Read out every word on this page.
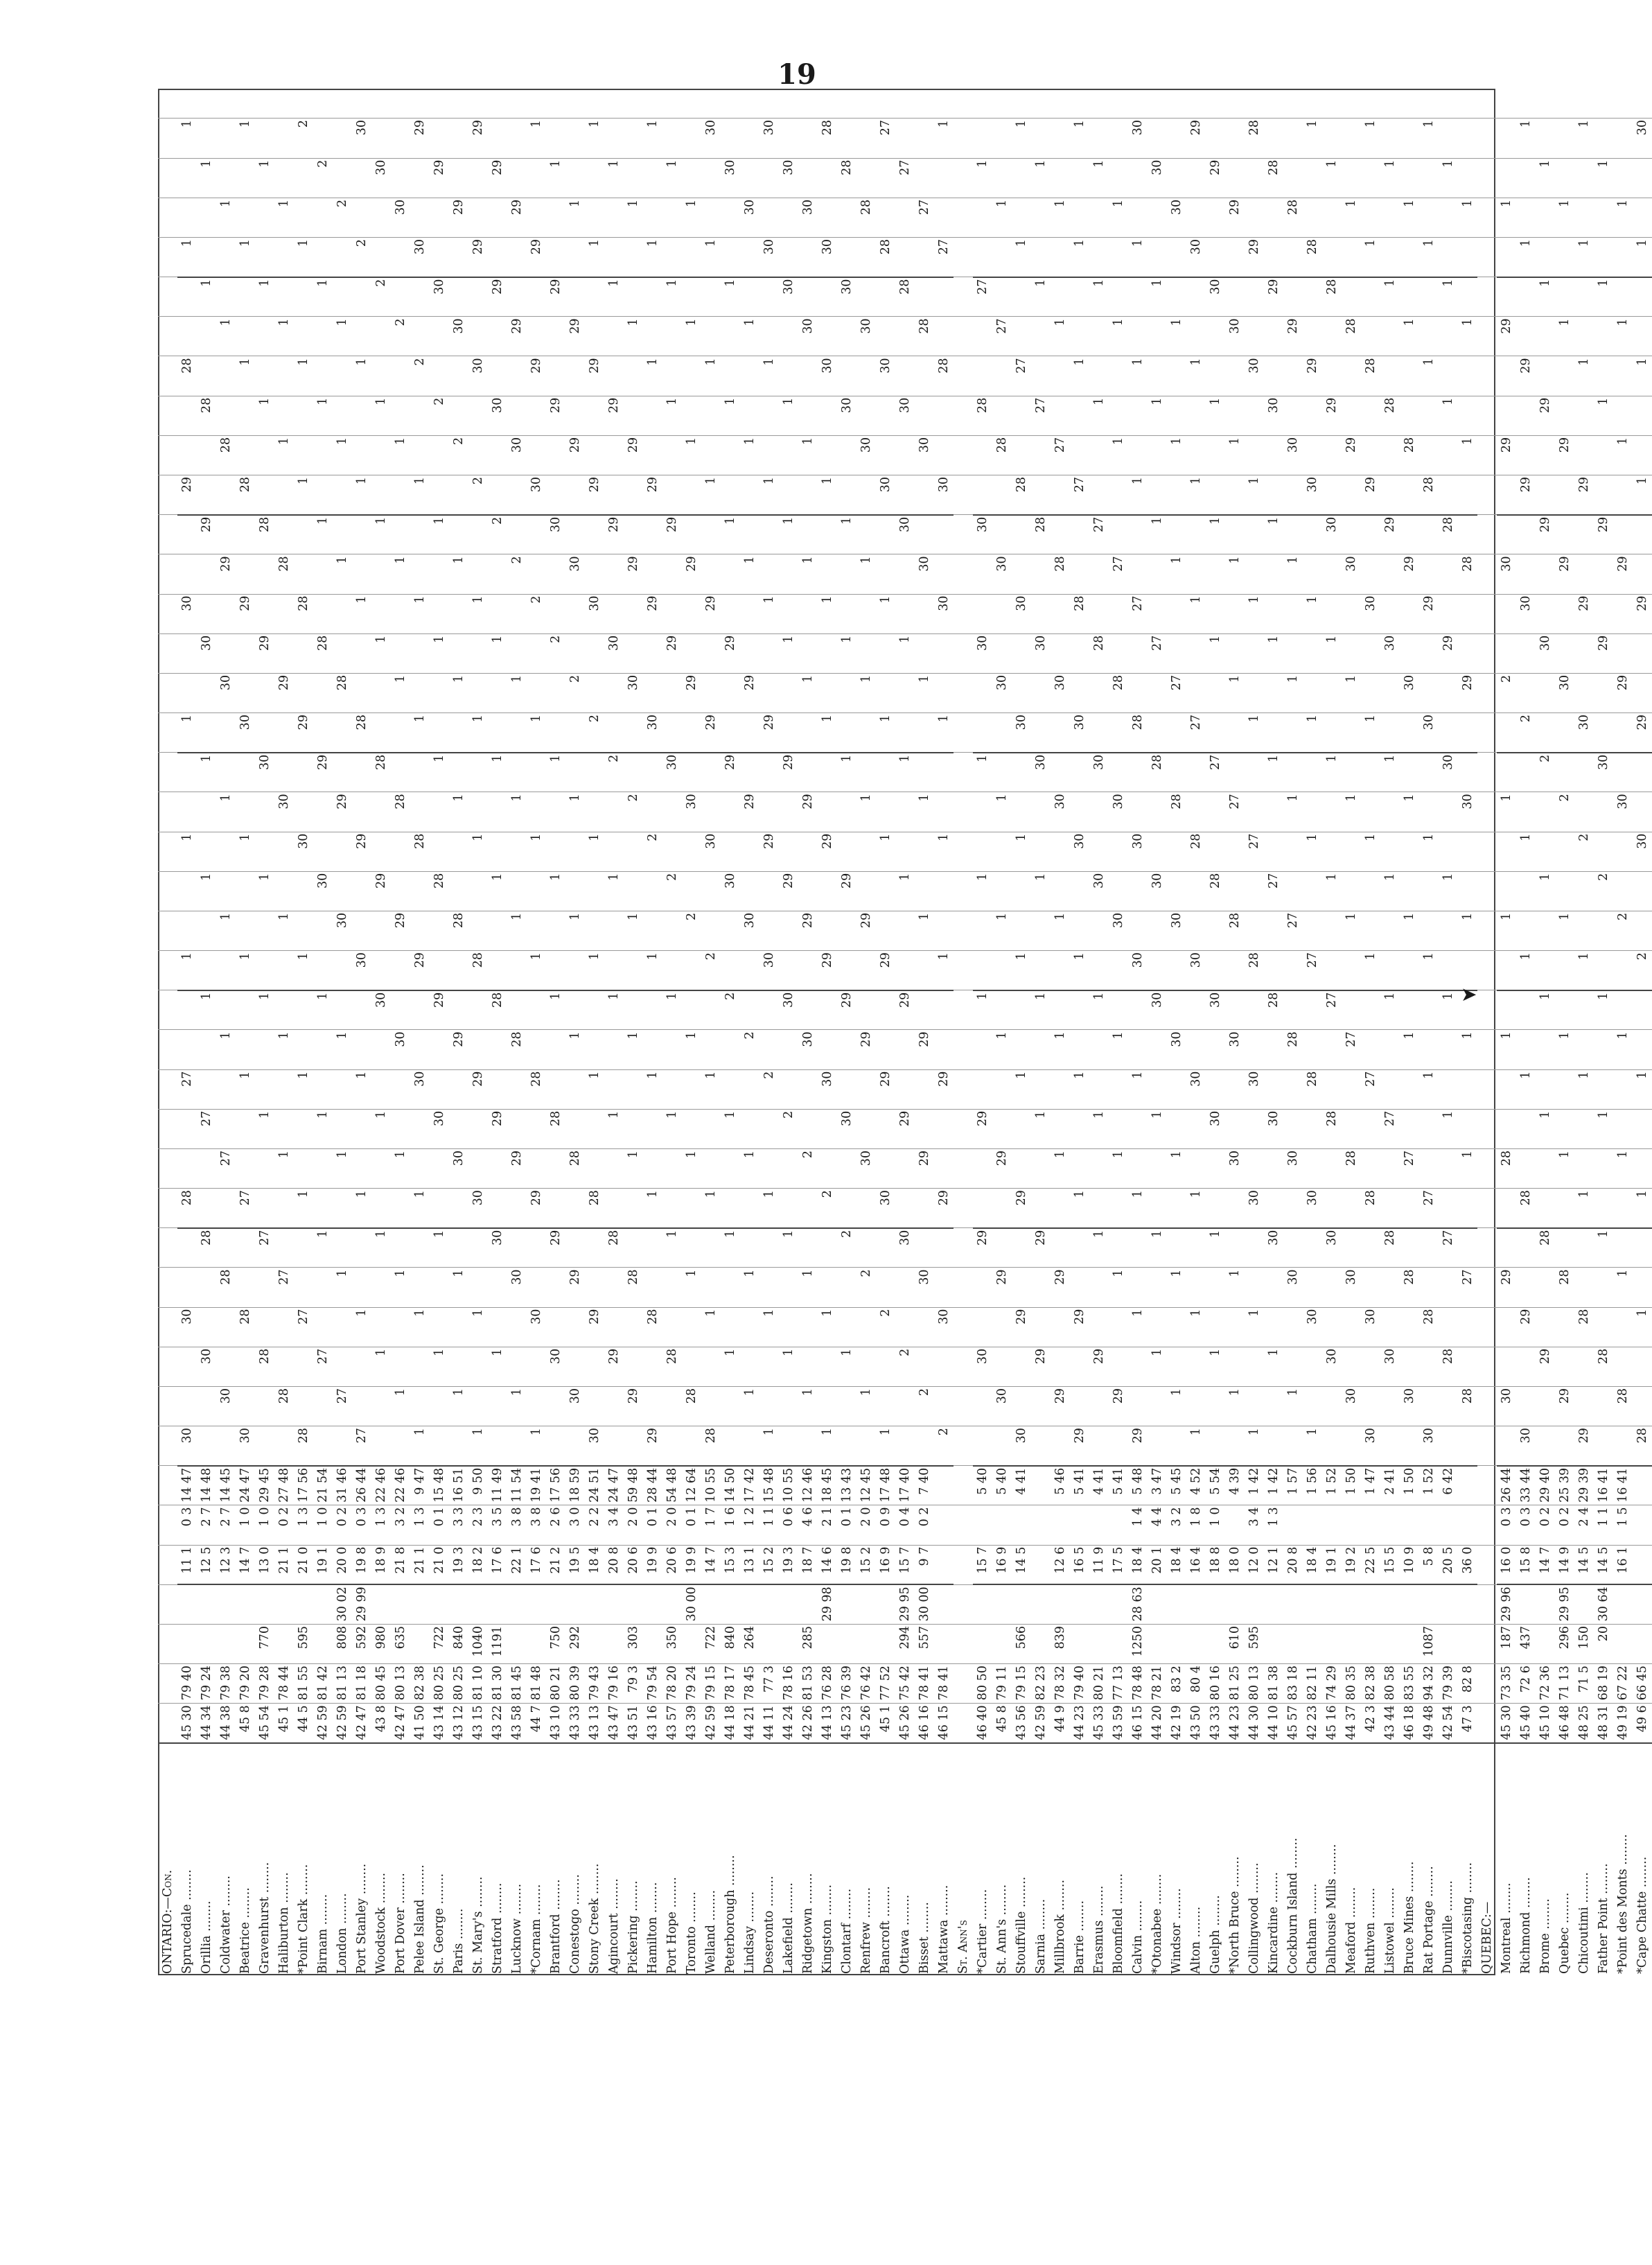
19
ONTARIO:—Con.																																									
Sprucedale ........	45 30	79 40			11 1	0 3	14 47	30			30			28			27			1			1			1			30			29			28			1			1
Orillia ........	44 34	79 24			12 5	2 7	14 48			30			28			27			1			1			1			30			29			28			1			1	
Coldwater ........	44 38	79 38			12 3	2 7	14 45		30			28			27			1			1			1			30			29			28			1			1		
Beatrice ........	45 8	79 20			14 7	1 0	24 47	30			28			27			1			1			1			30			29			28			1			1			1
Gravenhurst ........	45 54	79 28	770		13 0	1 0	29 45			28			27			1			1			1			30			29			28			1			1			1	
Haliburton ........	45 1	78 44			21 1	0 2	27 48		28			27			1			1			1			30			29			28			1			1			1		
*Point Clark ........	44 5	81 55	595		21 0	1 3	17 56	28			27			1			1			1			30			29			28			1			1			1			2
Birnam ........	42 59	81 42			19 1	1 0	21 54			27			1			1			1			30			29			28			1			1			1			2	
London ........	42 59	81 13	808	30 02	20 0	0 2	31 46		27			1			1			1			30			29			28			1			1			1			2		
Port Stanley ........	42 47	81 18	592	29 99	19 8	0 3	26 44	27			1			1			1			30			29			28			1			1			1			2			30
Woodstock ........	43 8	80 45	980		18 9	1 3	22 46			1			1			1			30			29			28			1			1			1			2			30	
Port Dover ........	42 47	80 13	635		21 8	3 2	22 46		1			1			1			30			29			28			1			1			1			2			30		
Pelee Island ........	41 50	82 38			21 1	1 3	9 47	1			1			1			30			29			28			1			1			1			2			30			29
St. George ........	43 14	80 25	722		21 0	0 1	15 48			1			1			30			29			28			1			1			1			2			30			29	
Paris ........	43 12	80 25	840		19 3	3 3	16 51		1			1			30			29			28			1			1			1			2			30			29		
St. Mary's ........	43 15	81 10	1040		18 2	2 3	9 50	1			1			30			29			28			1			1			1			2			30			29			29
Stratford ........	43 22	81 30	1191		17 6	3 5	11 49			1			30			29			28			1			1			1			2			30			29			29	
Lucknow ........	43 58	81 45			22 1	3 8	11 54		1			30			29			28			1			1			1			2			30			29			29		
*Cornam ........	44 7	81 48			17 6	3 8	19 41	1			30			29			28			1			1			1			2			30			29			29			1
Brantford ........	43 10	80 21	750		21 2	2 6	17 56			30			29			28			1			1			1			2			30			29			29			1	
Conestogo ........	43 33	80 39	292		19 5	3 0	18 59		30			29			28			1			1			1			2			30			29			29			1		
Stony Creek ........	43 13	79 43			18 4	2 2	24 51	30			29			28			1			1			1			2			30			29			29			1			1
Agincourt ........	43 47	79 16			20 8	3 4	24 47			29			28			1			1			1			2			30			29			29			1			1	
Pickering ........	43 51	79 3	303		20 6	2 0	59 48		29			28			1			1			1			2			30			29			29			1			1		
Hamilton ........	43 16	79 54			19 9	0 1	28 44	29			28			1			1			1			2			30			29			29			1			1			1
Port Hope ........	43 57	78 20	350		20 6	2 0	54 48			28			1			1			1			2			30			29			29			1			1			1	
Toronto ........	43 39	79 24		30 00	19 9	0 1	12 64		28			1			1			1			2			30			29			29			1			1			1		
Welland ........	42 59	79 15	722		14 7	1 7	10 55	28			1			1			1			2			30			29			29			1			1			1			30
Peterborough ........	44 18	78 17	840		15 3	1 6	14 50			1			1			1			2			30			29			29			1			1			1			30	
Lindsay ........	44 21	78 45	264		13 1	1 2	17 42		1			1			1			2			30			29			29			1			1			1			30		
Deseronto ........	44 11	77 3			15 2	1 1	15 48	1			1			1			2			30			29			29			1			1			1			30			30
Lakefield ........	44 24	78 16			19 3	0 6	10 55			1			1			2			30			29			29			1			1			1			30			30	
Ridgetown ........	42 26	81 53	285		18 7	4 6	12 46		1			1			2			30			29			29			1			1			1			30			30		
Kingston ........	44 13	76 28		29 98	14 6	2 1	18 45	1			1			2			30			29			29			1			1			1			30			30			28
Clontarf ........	45 23	76 39			19 8	0 1	13 43			1			2			30			29			29			1			1			1			30			30			28	
Renfrew ........	45 26	76 42			15 2	2 0	12 45		1			2			30			29			29			1			1			1			30			30			28		
Bancroft ........	45 1	77 52			16 9	0 9	17 48	1			2			30			29			29			1			1			1			30			30			28			27
Ottawa ........	45 26	75 42	294	29 95	15 7	0 4	17 40			2			30			29			29			1			1			1			30			30			28			27	
Bisset ........	46 16	78 41	557	30 00	9 7	0 2	7 40		2			30			29			29			1			1			1			30			30			28			27		
Mattawa ........	46 15	78 41						2			30			29			29			1			1			1			30			30			28			27			1
St. Ann's																																									
*Cartier ........	46 40	80 50			15 7		5 40			30			29			29			1			1			1			30			30			28			27			1	
St. Ann's ........	45 8	79 11			16 9		5 40		30			29			29			1			1			1			30			30			28			27			1		
Stouffville ........	43 56	79 15	566		14 5		4 41	30			29			29			1			1			1			30			30			28			27			1			1
Sarnia ........	42 59	82 23								29			29			1			1			1			30			30			28			27			1			1	
Millbrook ........	44 9	78 32	839		12 6		5 46		29			29			1			1			1			30			30			28			27			1			1		
Barrie ........	44 23	79 40			16 5		5 41	29			29			1			1			1			30			30			28			27			1			1			1
Erasmus ........	45 33	80 21			11 9		4 41			29			1			1			1			30			30			28			27			1			1			1	
Bloomfield ........	43 59	77 13			17 5		5 41		29			1			1			1			30			30			28			27			1			1			1		
Calvin ........	46 15	78 48	1250	28 63	18 4	1 4	5 48	29			1			1			1			30			30			28			27			1			1			1			30
*Otonabee ........	44 20	78 21			20 1	4 4	3 47			1			1			1			30			30			28			27			1			1			1			30	
Windsor ........	42 19	83 2			18 4	3 2	5 45		1			1			1			30			30			28			27			1			1			1			30		
Alton ........	43 50	80 4			16 4	1 8	4 52	1			1			1			30			30			28			27			1			1			1			30			29
Guelph ........	43 33	80 16			18 8	1 0	5 54			1			1			30			30			28			27			1			1			1			30			29	
*North Bruce ........	44 23	81 25	610		18 0		4 39		1			1			30			30			28			27			1			1			1			30			29		
Collingwood ........	44 30	80 13	595		12 0	3 4	1 42	1			1			30			30			28			27			1			1			1			30			29			28
Kincardine ........	44 10	81 38			12 1	1 3	1 42			1			30			30			28			27			1			1			1			30			29			28	
Cockburn Island ........	45 57	83 18			20 8		1 57		1			30			30			28			27			1			1			1			30			29			28		
Chatham ........	42 23	82 11			18 4		1 56	1			30			30			28			27			1			1			1			30			29			28			1
Dalhousie Mills ........	45 16	74 29			19 1		1 52			30			30			28			27			1			1			1			30			29			28			1	
Meaford ........	44 37	80 35			19 2		1 50		30			30			28			27			1			1			1			30			29			28			1		
Ruthven ........	42 3	82 38			22 5		1 47	30			30			28			27			1			1			1			30			29			28			1			1
Listowel ........	43 44	80 58			15 5		2 41			30			28			27			1			1			1			30			29			28			1			1	
Bruce Mines ........	46 18	83 55			10 9		1 50		30			28			27			1			1			1			30			29			28			1			1		
Rat Portage ........	49 48	94 32	1087		5 8		1 52	30			28			27			1			1			1			30			29			28			1			1			1
Dunnville ........	42 54	79 39			20 5		6 42			28			27			1			1			1			30			29			28			1			1			1	
*Biscotasing ........	47 3	82 8			36 0				28			27			1			1			1			30			29			28			1			1			1		
QUEBEC:—																																									
Montreal ........	45 30	73 35	187	29 96	16 0	0 3	26 44		30			29			28			1			1			1			2			30			29			29			1		
Richmond ........	45 40	72 6	437		15 8	0 3	33 44	30			29			28			1			1			1			2			30			29			29			1			1
Brome ........	45 10	72 36			14 7	0 2	29 40			29			28			1			1			1			2			30			29			29			1			1	
Quebec ........	46 48	71 13	296	29 95	14 9	0 2	25 39		29			28			1			1			1			2			30			29			29			1			1		
Chicoutimi ........	48 25	71 5	150		14 5	2 4	29 39	29			28			1			1			1			2			30			29			29			1			1			1
Father Point ........	48 31	68 19	20	30 64	14 5	1 1	16 41			28			1			1			1			2			30			29			29			1			1			1	
*Point des Monts ........	49 19	67 22			16 1	1 5	16 41		28			1			1			1			2			30			29			29			1			1			1		
*Cape Chatte ........	49 6	66 45						28			1			1			1			2			30			29			29			1			1			1			30
➤
